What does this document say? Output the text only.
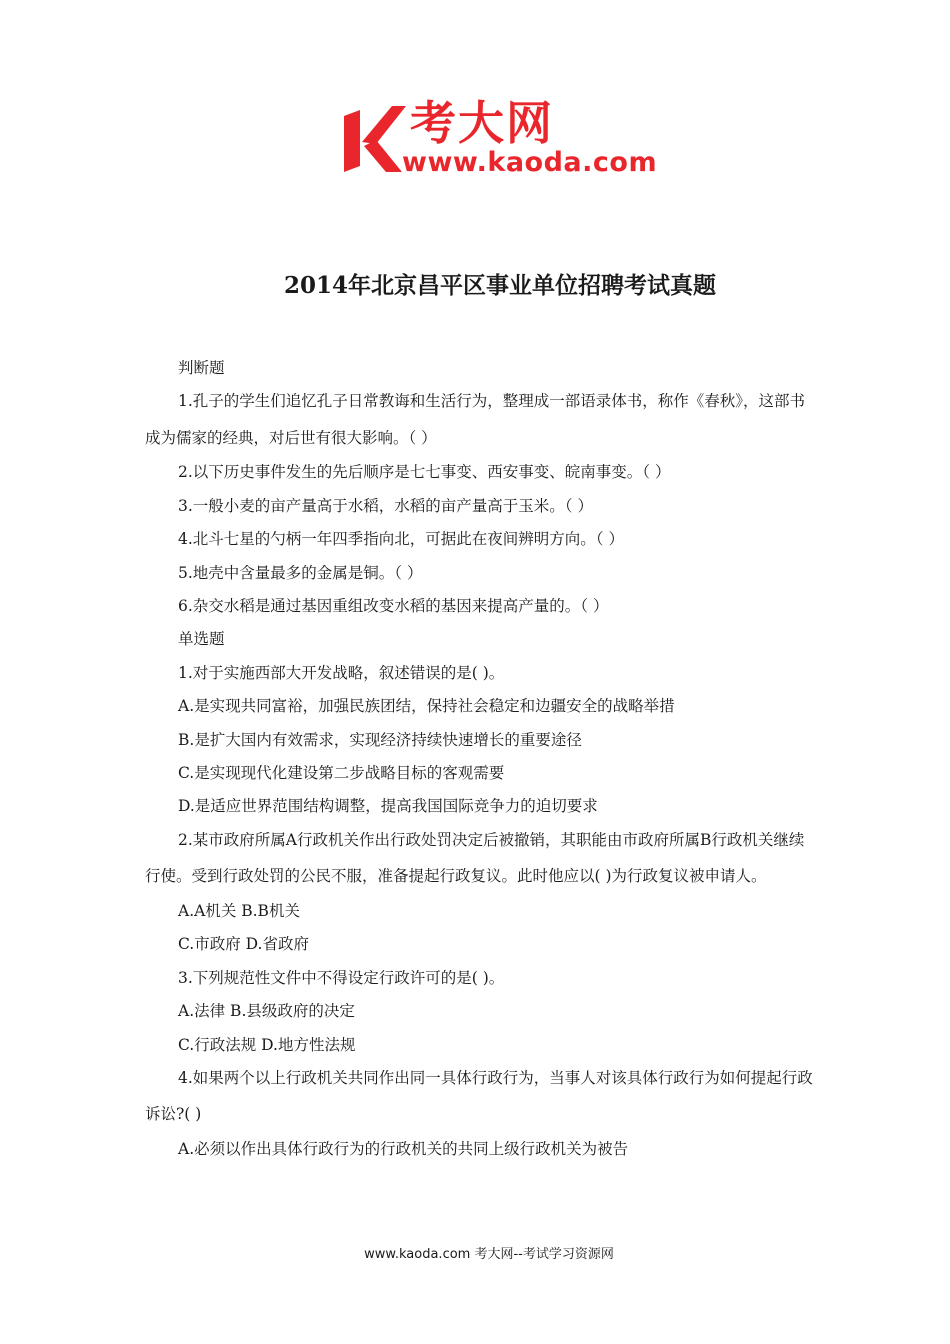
考大网
www.kaoda.com
2014年北京昌平区事业单位招聘考试真题

判断题

1.孔子的学生们追忆孔子日常教诲和生活行为，整理成一部语录体书，称作《春秋》，这部书成为儒家的经典，对后世有很大影响。（ ）

2.以下历史事件发生的先后顺序是七七事变、西安事变、皖南事变。（ ）

3.一般小麦的亩产量高于水稻，水稻的亩产量高于玉米。（ ）

4.北斗七星的勺柄一年四季指向北，可据此在夜间辨明方向。（ ）

5.地壳中含量最多的金属是铜。（ ）

6.杂交水稻是通过基因重组改变水稻的基因来提高产量的。（ ）

单选题

1.对于实施西部大开发战略，叙述错误的是( )。

A.是实现共同富裕，加强民族团结，保持社会稳定和边疆安全的战略举措

B.是扩大国内有效需求，实现经济持续快速增长的重要途径

C.是实现现代化建设第二步战略目标的客观需要

D.是适应世界范围结构调整，提高我国国际竞争力的迫切要求

2.某市政府所属A行政机关作出行政处罚决定后被撤销，其职能由市政府所属B行政机关继续行使。受到行政处罚的公民不服，准备提起行政复议。此时他应以( )为行政复议被申请人。

A.A机关 B.B机关

C.市政府 D.省政府

3.下列规范性文件中不得设定行政许可的是( )。

A.法律 B.县级政府的决定

C.行政法规 D.地方性法规

4.如果两个以上行政机关共同作出同一具体行政行为，当事人对该具体行政行为如何提起行政诉讼?( )

A.必须以作出具体行政行为的行政机关的共同上级行政机关为被告

www.kaoda.com 考大网--考试学习资源网
